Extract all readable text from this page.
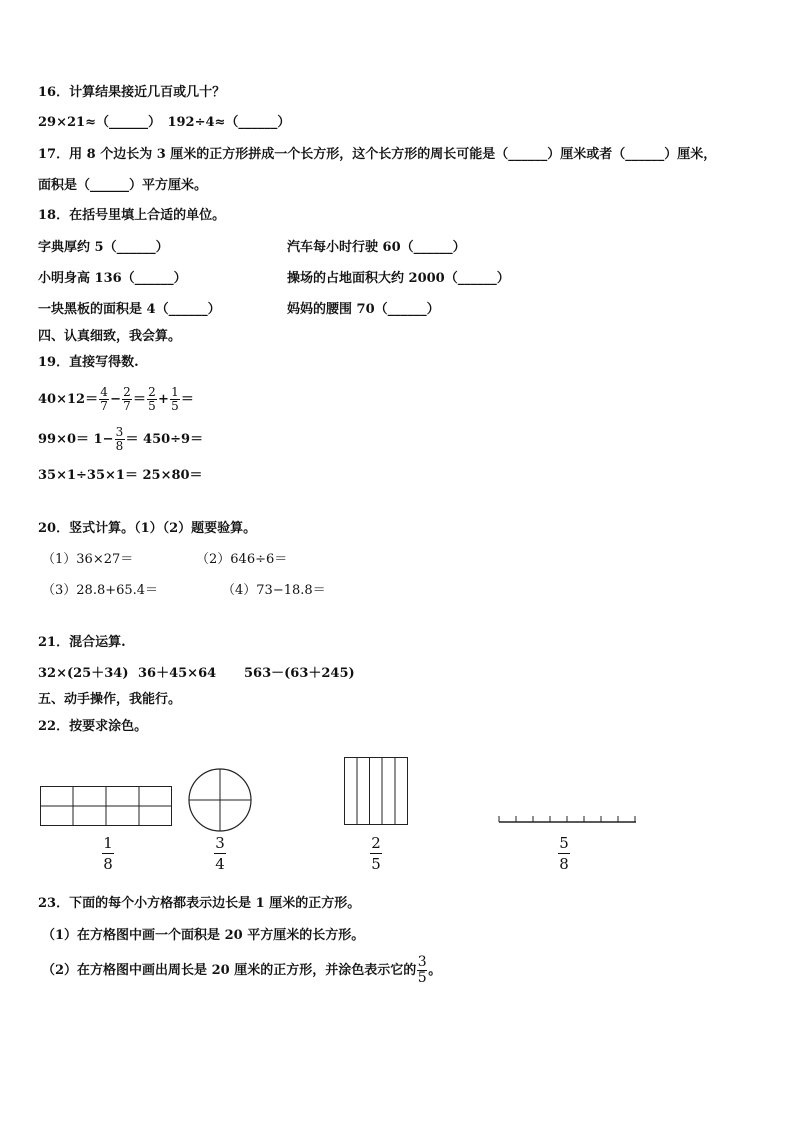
16．计算结果接近几百或几十？
29×21≈（______）　192÷4≈（______）
17．用 8 个边长为 3 厘米的正方形拼成一个长方形，这个长方形的周长可能是（______）厘米或者（______）厘米，
面积是（______）平方厘米。
18．在括号里填上合适的单位。
字典厚约 5（______）	汽车每小时行驶 60（______）
小明身高 136（______）	操场的占地面积大约 2000（______）
一块黑板的面积是 4（______）	妈妈的腰围 70（______）
四、认真细致，我会算。
19．直接写得数.
$40\times 12= \frac{4}{7} - \frac{2}{7} = \frac{2}{5} + \frac{1}{5}$ ＝
$99\times 0= 1- \frac{3}{8} = 450\div 9=$
35×1÷35×1＝ 25×80＝
20．竖式计算。（1）（2）题要验算。
（1）36×27＝	（2）646÷6＝
（3）28.8+65.4＝	（4）73−18.8＝
21．混合运算.
32×(25＋34) 36＋45×64 563－(63＋245)
五、动手操作，我能行。
22．按要求涂色。
1
8
3
4
2
5
5
8
23．下面的每个小方格都表示边长是 1 厘米的正方形。
（1）在方格图中画一个面积是 20 平方厘米的长方形。
（2）在方格图中画出周长是 20 厘米的正方形，并涂色表示它的 $\frac{3}{5}$ 。
